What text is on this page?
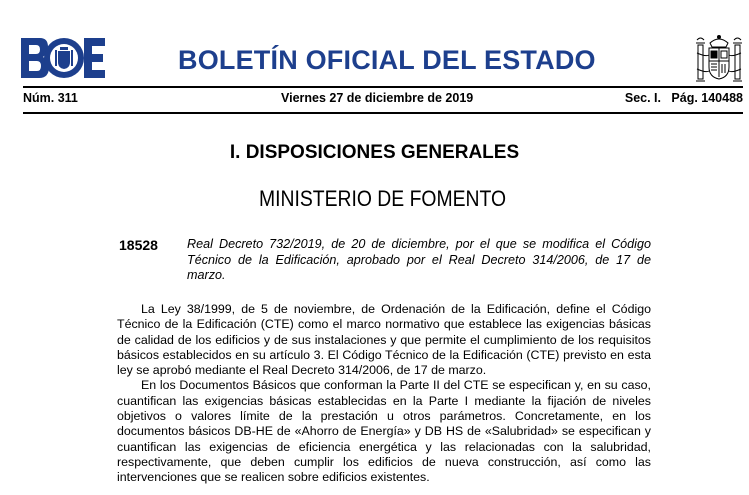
BOLETÍN OFICIAL DEL ESTADO
Núm. 311	Viernes 27 de diciembre de 2019	Sec. I.   Pág. 140488
I. DISPOSICIONES GENERALES
MINISTERIO DE FOMENTO
18528 Real Decreto 732/2019, de 20 de diciembre, por el que se modifica el Código Técnico de la Edificación, aprobado por el Real Decreto 314/2006, de 17 de marzo.

La Ley 38/1999, de 5 de noviembre, de Ordenación de la Edificación, define el Código Técnico de la Edificación (CTE) como el marco normativo que establece las exigencias básicas de calidad de los edificios y de sus instalaciones y que permite el cumplimiento de los requisitos básicos establecidos en su artículo 3. El Código Técnico de la Edificación (CTE) previsto en esta ley se aprobó mediante el Real Decreto 314/2006, de 17 de marzo.

En los Documentos Básicos que conforman la Parte II del CTE se especifican y, en su caso, cuantifican las exigencias básicas establecidas en la Parte I mediante la fijación de niveles objetivos o valores límite de la prestación u otros parámetros. Concretamente, en los documentos básicos DB-HE de «Ahorro de Energía» y DB HS de «Salubridad» se especifican y cuantifican las exigencias de eficiencia energética y las relacionadas con la salubridad, respectivamente, que deben cumplir los edificios de nueva construcción, así como las intervenciones que se realicen sobre edificios existentes.
